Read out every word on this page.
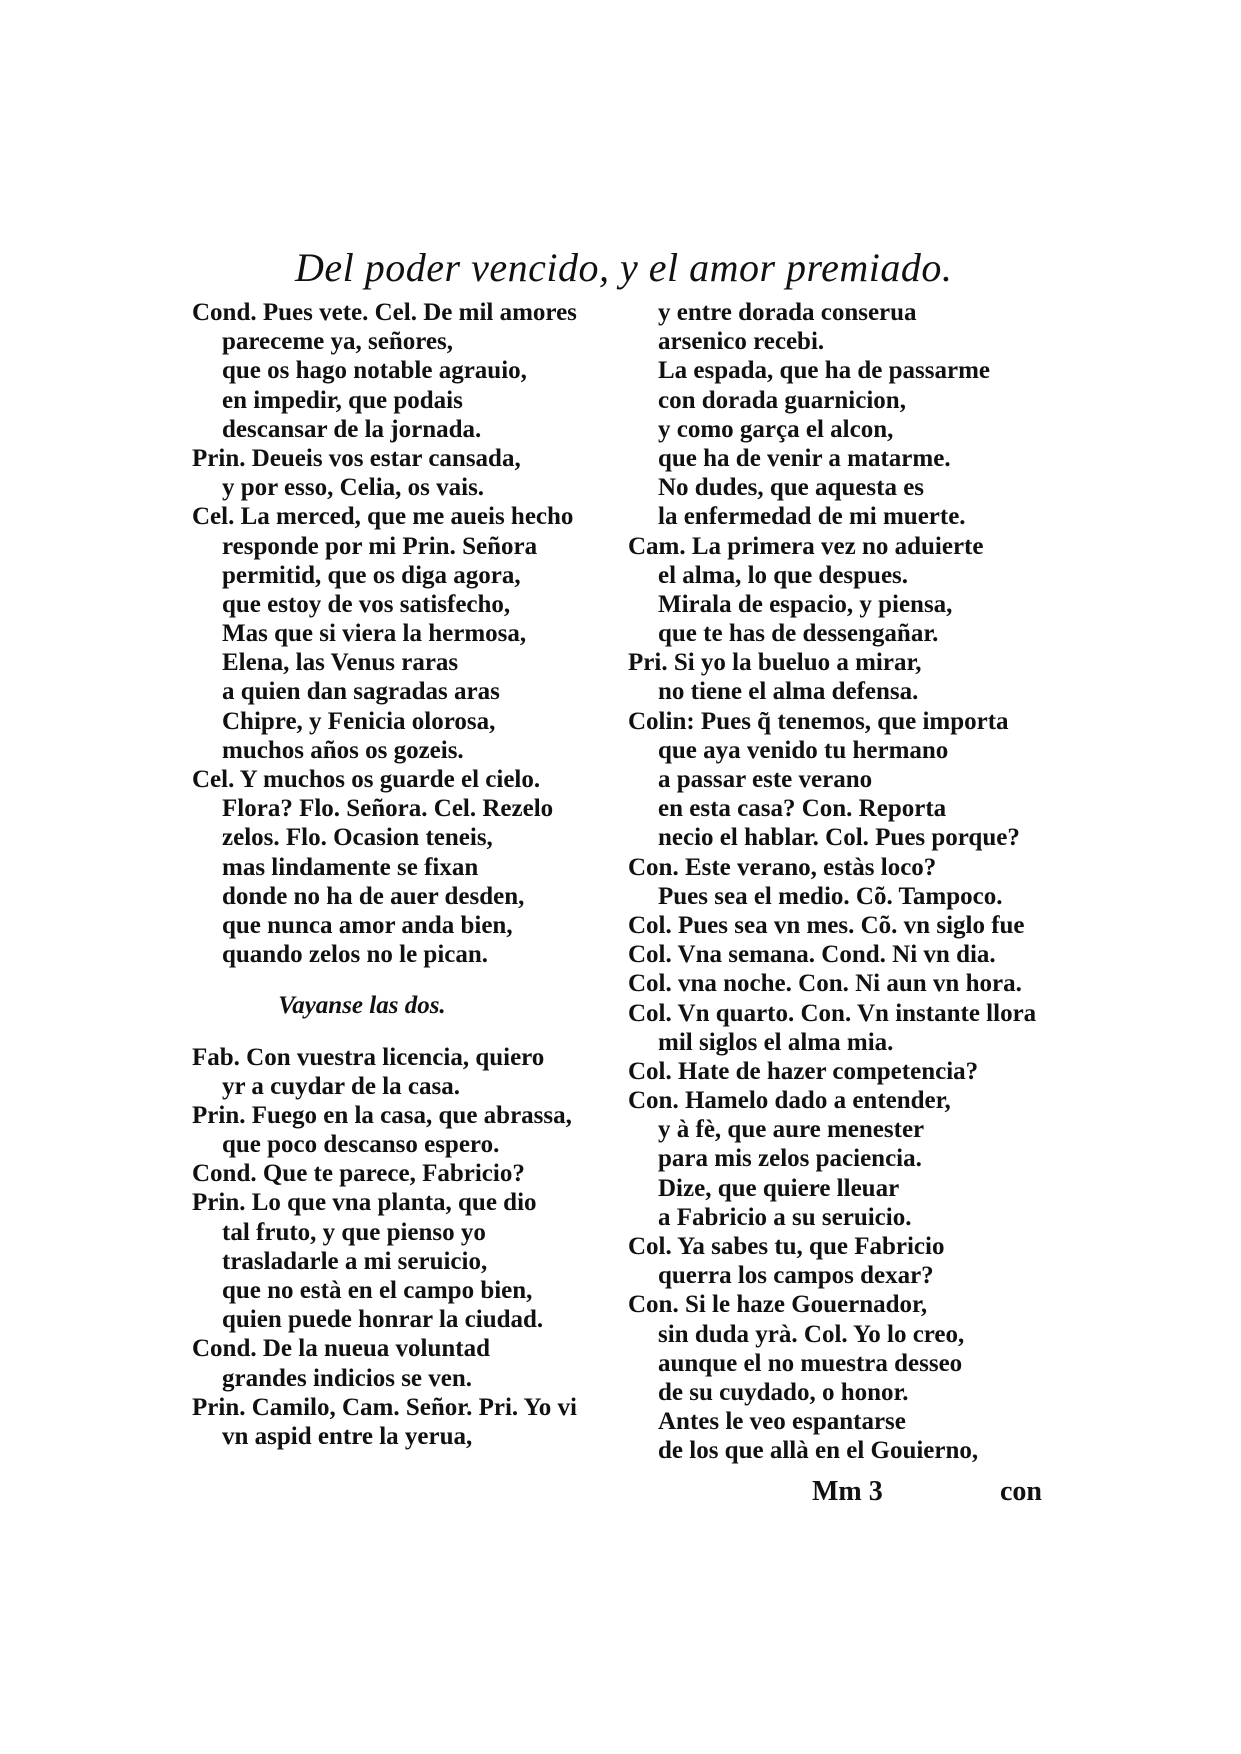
Del poder vencido, y el amor premiado.
Cond. Pues vete. Cel. De mil amores
pareceme ya, señores,
que os hago notable agrauio,
en impedir, que podais
descansar de la jornada.
Prin. Deueis vos estar cansada,
y por esso, Celia, os vais.
Cel. La merced, que me aueis hecho
responde por mi Prin. Señora
permitid, que os diga agora,
que estoy de vos satisfecho,
Mas que si viera la hermosa,
Elena, las Venus raras
a quien dan sagradas aras
Chipre, y Fenicia olorosa,
muchos años os gozeis.
Cel. Y muchos os guarde el cielo.
Flora? Flo. Señora. Cel. Rezelo
zelos. Flo. Ocasion teneis,
mas lindamente se fixan
donde no ha de auer desden,
que nunca amor anda bien,
quando zelos no le pican.
Vayanse las dos.
Fab. Con vuestra licencia, quiero
yr a cuydar de la casa.
Prin. Fuego en la casa, que abrassa,
que poco descanso espero.
Cond. Que te parece, Fabricio?
Prin. Lo que vna planta, que dio
tal fruto, y que pienso yo
trasladarle a mi seruicio,
que no està en el campo bien,
quien puede honrar la ciudad.
Cond. De la nueua voluntad
grandes indicios se ven.
Prin. Camilo, Cam. Señor. Pri. Yo vi
vn aspid entre la yerua,
y entre dorada conserua
arsenico recebi.
La espada, que ha de passarme
con dorada guarnicion,
y como garça el alcon,
que ha de venir a matarme.
No dudes, que aquesta es
la enfermedad de mi muerte.
Cam. La primera vez no aduierte
el alma, lo que despues.
Mirala de espacio, y piensa,
que te has de dessengañar.
Pri. Si yo la bueluo a mirar,
no tiene el alma defensa.
Colin: Pues q̃ tenemos, que importa
que aya venido tu hermano
a passar este verano
en esta casa? Con. Reporta
necio el hablar. Col. Pues porque?
Con. Este verano, estàs loco?
Pues sea el medio. Cõ. Tampoco.
Col. Pues sea vn mes. Cõ. vn siglo fue
Col. Vna semana. Cond. Ni vn dia.
Col. vna noche. Con. Ni aun vn hora.
Col. Vn quarto. Con. Vn instante llora
mil siglos el alma mia.
Col. Hate de hazer competencia?
Con. Hamelo dado a entender,
y à fè, que aure menester
para mis zelos paciencia.
Dize, que quiere lleuar
a Fabricio a su seruicio.
Col. Ya sabes tu, que Fabricio
querra los campos dexar?
Con. Si le haze Gouernador,
sin duda yrà. Col. Yo lo creo,
aunque el no muestra desseo
de su cuydado, o honor.
Antes le veo espantarse
de los que allà en el Gouierno,
Mm 3	con
